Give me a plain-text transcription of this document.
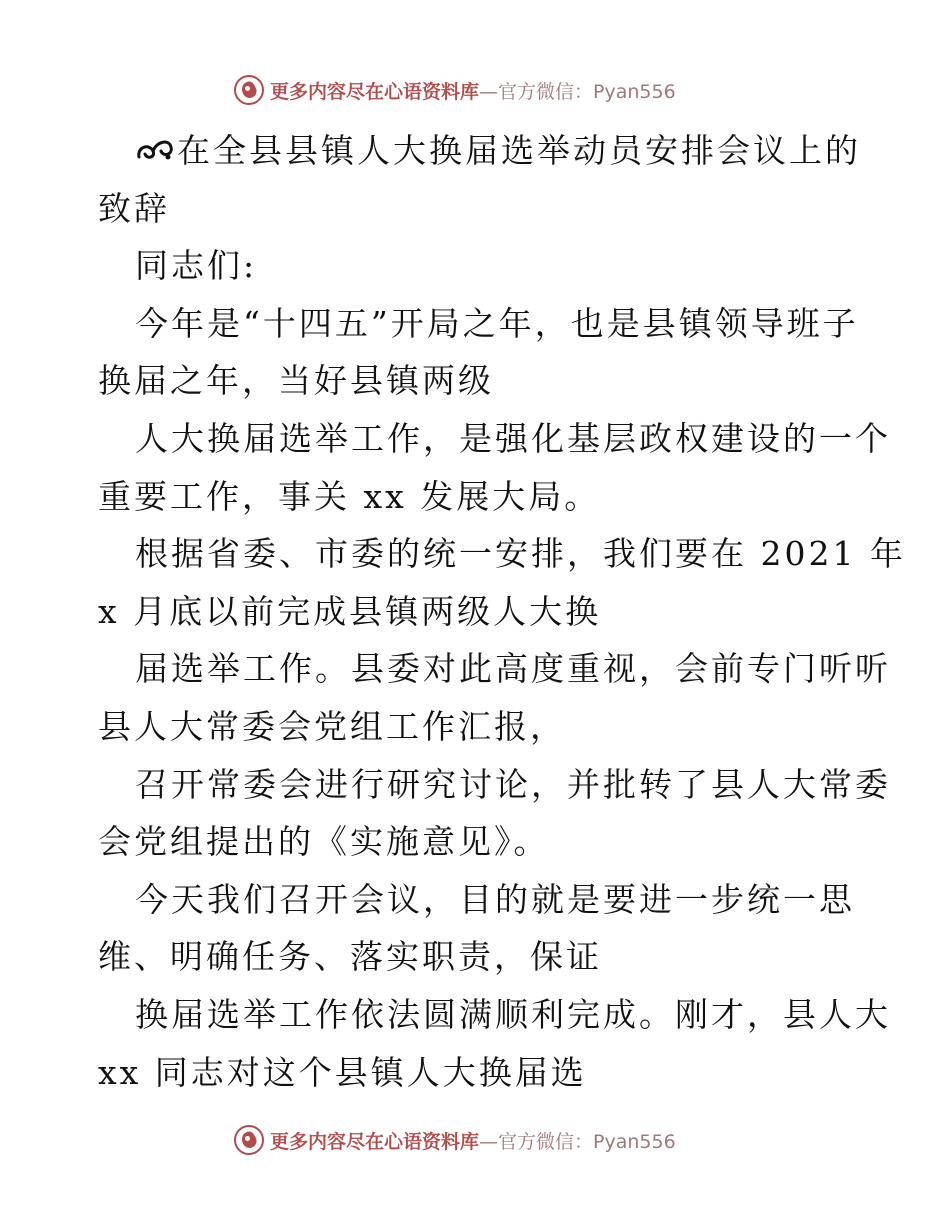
更多内容尽在心语资料库 —官方微信：Pyan556
在全县县镇人大换届选举动员安排会议上的
致辞
同志们:
今年是“十四五”开局之年，也是县镇领导班子
换届之年，当好县镇两级
人大换届选举工作，是强化基层政权建设的一个
重要工作，事关 xx 发展大局。
根据省委、市委的统一安排，我们要在 2021 年
x 月底以前完成县镇两级人大换
届选举工作。县委对此高度重视，会前专门听听
县人大常委会党组工作汇报，
召开常委会进行研究讨论，并批转了县人大常委
会党组提出的《实施意见》。
今天我们召开会议，目的就是要进一步统一思
维、明确任务、落实职责，保证
换届选举工作依法圆满顺利完成。刚才，县人大
xx 同志对这个县镇人大换届选
更多内容尽在心语资料库 —官方微信：Pyan556
